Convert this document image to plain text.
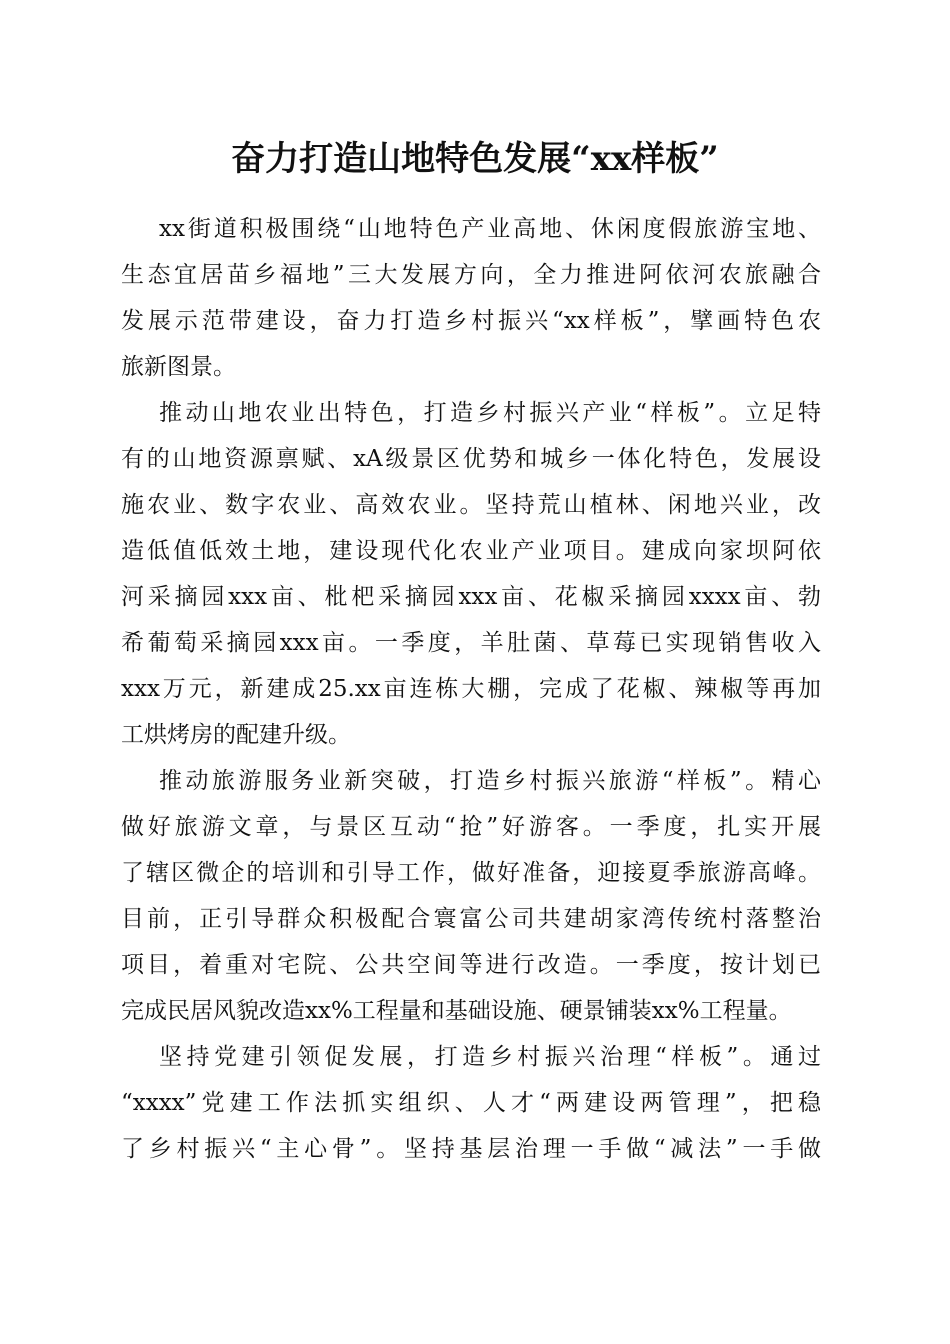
奋力打造山地特色发展“xx样板”

xx街道积极围绕“山地特色产业高地、休闲度假旅游宝地、
生态宜居苗乡福地”三大发展方向，全力推进阿依河农旅融合
发展示范带建设，奋力打造乡村振兴“xx样板”，擘画特色农
旅新图景。

推动山地农业出特色，打造乡村振兴产业“样板”。立足特
有的山地资源禀赋、xA级景区优势和城乡一体化特色，发展设
施农业、数字农业、高效农业。坚持荒山植林、闲地兴业，改
造低值低效土地，建设现代化农业产业项目。建成向家坝阿依
河采摘园xxx亩、枇杷采摘园xxx亩、花椒采摘园xxxx亩、勃
希葡萄采摘园xxx亩。一季度，羊肚菌、草莓已实现销售收入
xxx万元，新建成25.xx亩连栋大棚，完成了花椒、辣椒等再加
工烘烤房的配建升级。

推动旅游服务业新突破，打造乡村振兴旅游“样板”。精心
做好旅游文章，与景区互动“抢”好游客。一季度，扎实开展
了辖区微企的培训和引导工作，做好准备，迎接夏季旅游高峰。
目前，正引导群众积极配合寰富公司共建胡家湾传统村落整治
项目，着重对宅院、公共空间等进行改造。一季度，按计划已
完成民居风貌改造xx%工程量和基础设施、硬景铺装xx%工程量。

坚持党建引领促发展，打造乡村振兴治理“样板”。通过
“xxxx”党建工作法抓实组织、人才“两建设两管理”，把稳
了乡村振兴“主心骨”。坚持基层治理一手做“减法”一手做
